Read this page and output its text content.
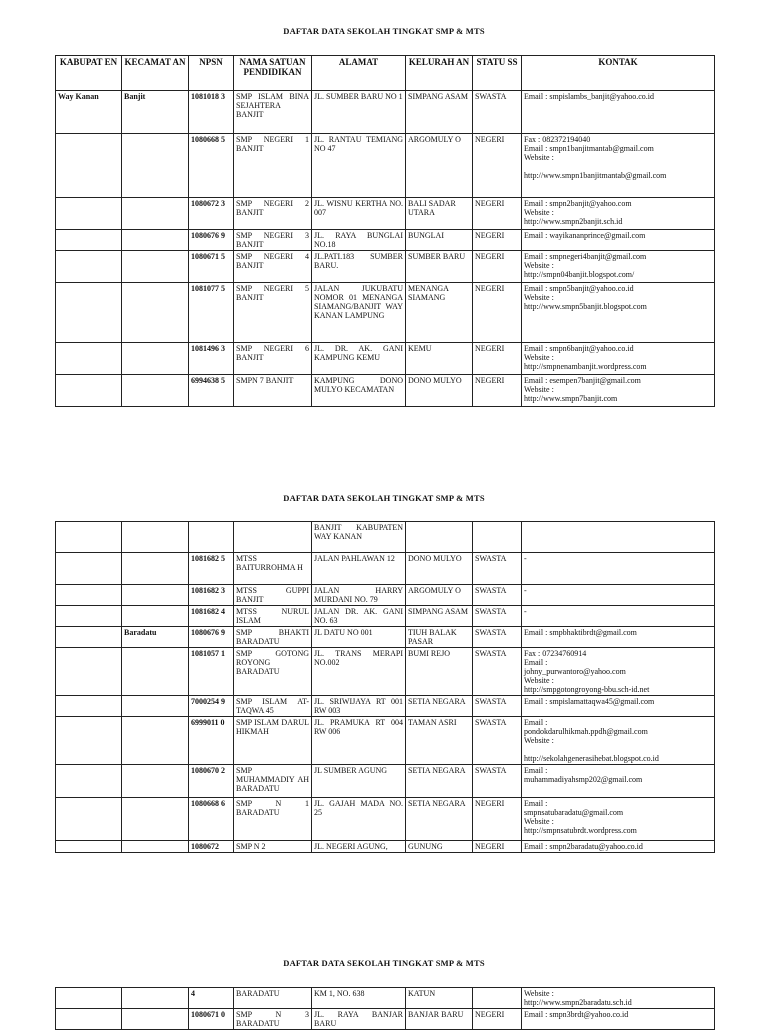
DAFTAR DATA SEKOLAH TINGKAT SMP & MTS
KABUPAT EN	KECAMAT AN	NPSN	NAMA SATUAN PENDIDIKAN	ALAMAT	KELURAH AN	STATU SS	KONTAK
Way Kanan	Banjit	1081018 3	SMP ISLAM BINA SEJAHTERA BANJIT	JL. SUMBER BARU NO 1	SIMPANG ASAM	SWASTA	Email : smpislambs_banjit@yahoo.co.id
		1080668 5	SMP NEGERI 1 BANJIT	JL. RANTAU TEMIANG NO 47	ARGOMULY O	NEGERI	Fax : 082372194040
Email : smpn1banjitmantab@gmail.com
Website :

http://www.smpn1banjitmantab@gmail.com
		1080672 3	SMP NEGERI 2 BANJIT	JL. WISNU KERTHA NO. 007	BALI SADAR UTARA	NEGERI	Email : smpn2banjit@yahoo.com
Website :
http://www.smpn2banjit.sch.id
		1080676 9	SMP NEGERI 3 BANJIT	JL. RAYA BUNGLAI NO.18	BUNGLAI	NEGERI	Email : wayikananprince@gmail.com
		1080671 5	SMP NEGERI 4 BANJIT	JL.PATI.183 SUMBER BARU.	SUMBER BARU	NEGERI	Email : smpnegeri4banjit@gmail.com
Website :
http://smpn04banjit.blogspot.com/
		1081077 5	SMP NEGERI 5 BANJIT	JALAN JUKUBATU NOMOR 01 MENANGA SIAMANG/BANJIT WAY KANAN LAMPUNG	MENANGA SIAMANG	NEGERI	Email : smpn5banjit@yahoo.co.id
Website :
http://www.smpn5banjit.blogspot.com
		1081496 3	SMP NEGERI 6 BANJIT	JL. DR. AK. GANI KAMPUNG KEMU	KEMU	NEGERI	Email : smpn6banjit@yahoo.co.id
Website :
http://smpnenambanjit.wordpress.com
		6994638 5	SMPN 7 BANJIT	KAMPUNG DONO MULYO KECAMATAN	DONO MULYO	NEGERI	Email : esempen7banjit@gmail.com
Website :
http://www.smpn7banjit.com
DAFTAR DATA SEKOLAH TINGKAT SMP & MTS
				BANJIT KABUPATEN WAY KANAN			
		1081682 5	MTSS BAITURROHMA H	JALAN PAHLAWAN 12	DONO MULYO	SWASTA	-
		1081682 3	MTSS GUPPI BANJIT	JALAN HARRY MURDANI NO. 79	ARGOMULY O	SWASTA	-
		1081682 4	MTSS NURUL ISLAM	JALAN DR. AK. GANI NO. 63	SIMPANG ASAM	SWASTA	-
	Baradatu	1080676 9	SMP BHAKTI BARADATU	JL DATU NO 001	TIUH BALAK PASAR	SWASTA	Email : smpbhaktibrdt@gmail.com
		1081057 1	SMP GOTONG ROYONG BARADATU	JL. TRANS MERAPI NO.002	BUMI REJO	SWASTA	Fax : 07234760914
Email :
johny_purwantoro@yahoo.com
Website :
http://smpgotongroyong-bbu.sch-id.net
		7000254 9	SMP ISLAM AT-TAQWA 45	JL. SRIWIJAYA RT 001 RW 003	SETIA NEGARA	SWASTA	Email : smpislamattaqwa45@gmail.com
		6999011 0	SMP ISLAM DARUL HIKMAH	JL. PRAMUKA RT 004 RW 006	TAMAN ASRI	SWASTA	Email :
pondokdarulhikmah.ppdh@gmail.com
Website :

http://sekolahgenerasihebat.blogspot.co.id
		1080670 2	SMP MUHAMMADIY AH BARADATU	JL SUMBER AGUNG	SETIA NEGARA	SWASTA	Email :
muhammadiyahsmp202@gmail.com
		1080668 6	SMP N 1 BARADATU	JL. GAJAH MADA NO. 25	SETIA NEGARA	NEGERI	Email :
smpnsatubaradatu@gmail.com
Website :
http://smpnsatubrdt.wordpress.com
		1080672	SMP N 2	JL. NEGERI AGUNG,	GUNUNG	NEGERI	Email : smpn2baradatu@yahoo.co.id
DAFTAR DATA SEKOLAH TINGKAT SMP & MTS
		4	BARADATU	KM 1, NO. 638	KATUN		Website :
http://www.smpn2baradatu.sch.id
		1080671 0	SMP N 3 BARADATU	JL. RAYA BANJAR BARU	BANJAR BARU	NEGERI	Email : smpn3brdt@yahoo.co.id
